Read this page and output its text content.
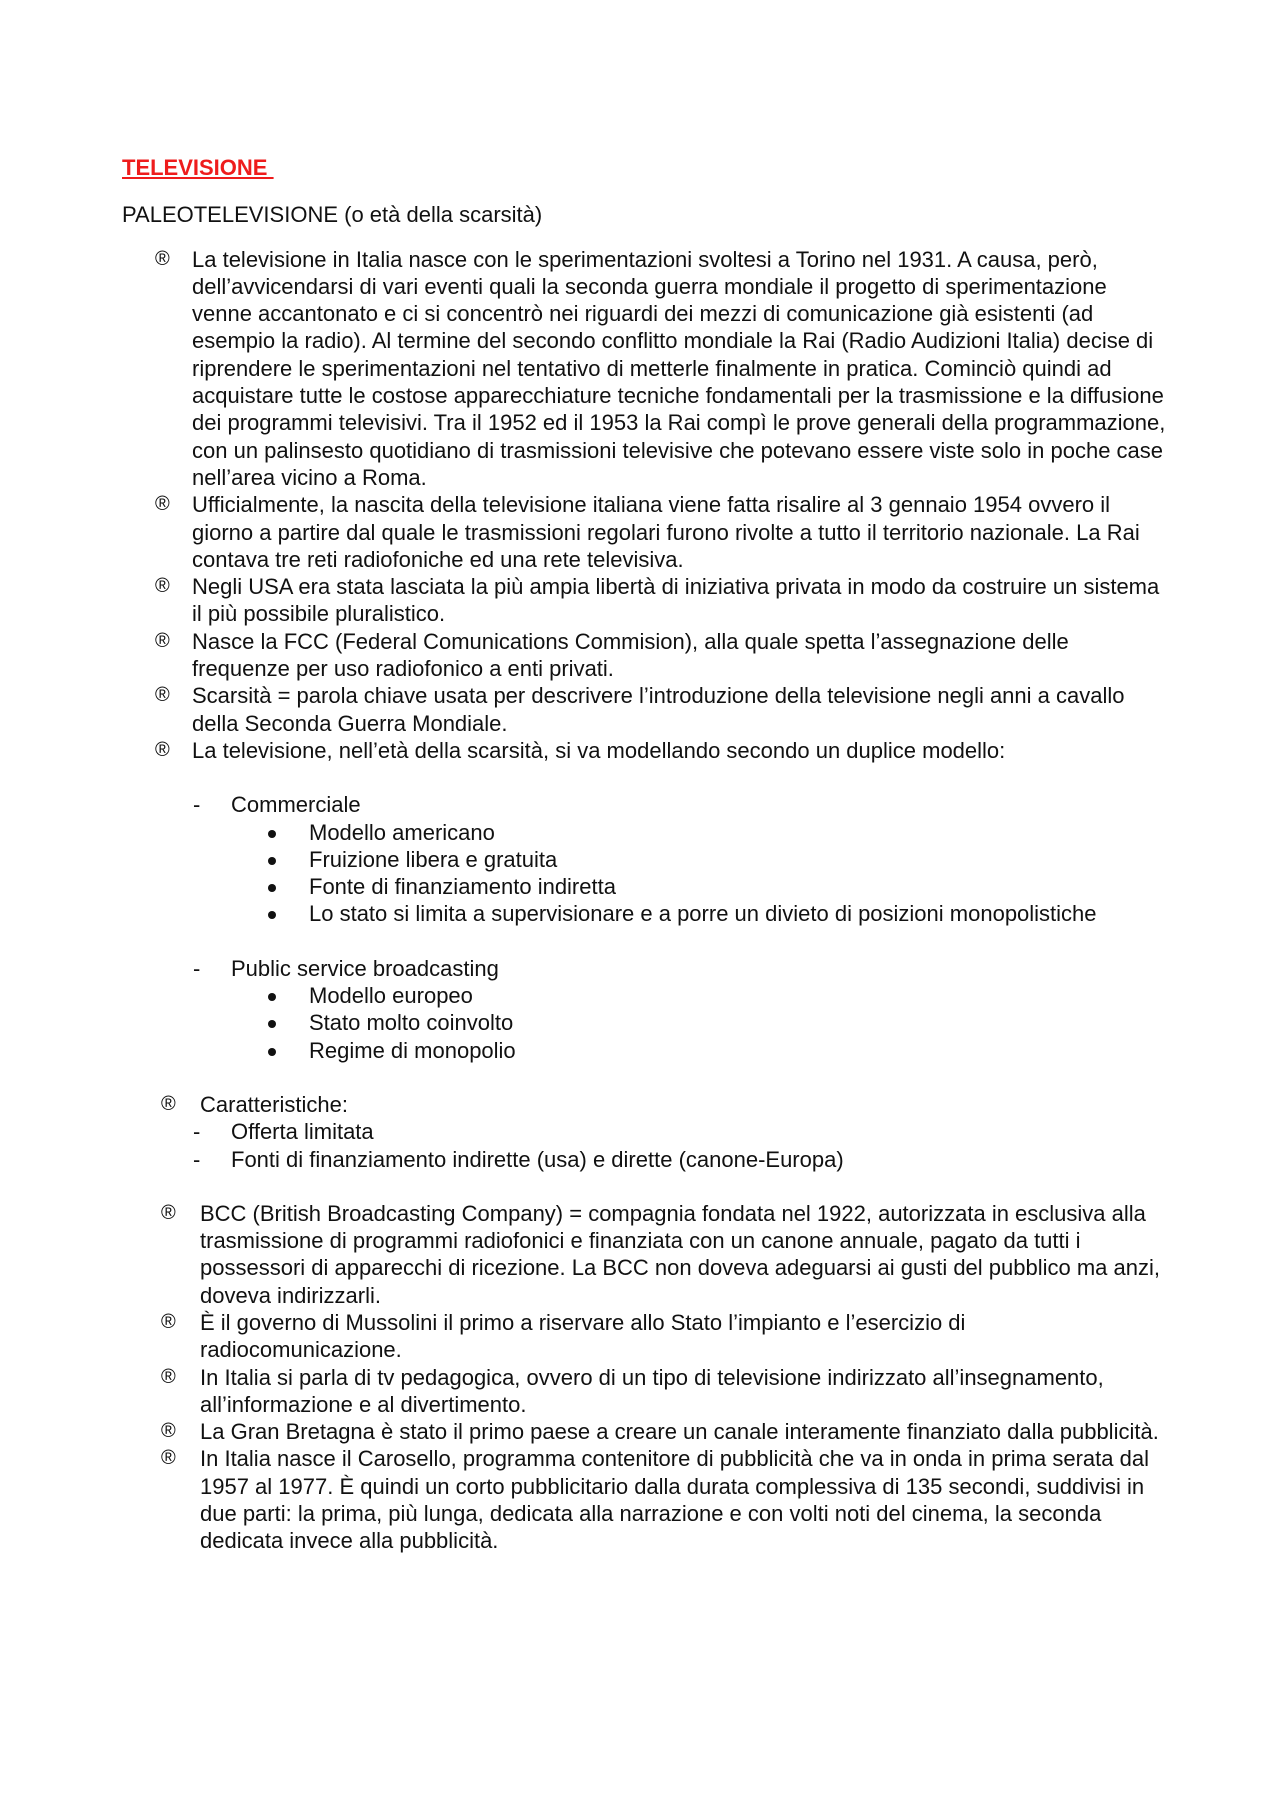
TELEVISIONE
PALEOTELEVISIONE (o età della scarsità)
® La televisione in Italia nasce con le sperimentazioni svoltesi a Torino nel 1931. A causa, però, dell’avvicendarsi di vari eventi quali la seconda guerra mondiale il progetto di sperimentazione venne accantonato e ci si concentrò nei riguardi dei mezzi di comunicazione già esistenti (ad esempio la radio). Al termine del secondo conflitto mondiale la Rai (Radio Audizioni Italia) decise di riprendere le sperimentazioni nel tentativo di metterle finalmente in pratica. Cominciò quindi ad acquistare tutte le costose apparecchiature tecniche fondamentali per la trasmissione e la diffusione dei programmi televisivi. Tra il 1952 ed il 1953 la Rai compì le prove generali della programmazione, con un palinsesto quotidiano di trasmissioni televisive che potevano essere viste solo in poche case nell’area vicino a Roma.
® Ufficialmente, la nascita della televisione italiana viene fatta risalire al 3 gennaio 1954 ovvero il giorno a partire dal quale le trasmissioni regolari furono rivolte a tutto il territorio nazionale. La Rai contava tre reti radiofoniche ed una rete televisiva.
® Negli USA era stata lasciata la più ampia libertà di iniziativa privata in modo da costruire un sistema il più possibile pluralistico.
® Nasce la FCC (Federal Comunications Commision), alla quale spetta l’assegnazione delle frequenze per uso radiofonico a enti privati.
® Scarsità = parola chiave usata per descrivere l’introduzione della televisione negli anni a cavallo della Seconda Guerra Mondiale.
® La televisione, nell’età della scarsità, si va modellando secondo un duplice modello:
- Commerciale
Modello americano
Fruizione libera e gratuita
Fonte di finanziamento indiretta
Lo stato si limita a supervisionare e a porre un divieto di posizioni monopolistiche
- Public service broadcasting
Modello europeo
Stato molto coinvolto
Regime di monopolio
® Caratteristiche:
- Offerta limitata
- Fonti di finanziamento indirette (usa) e dirette (canone-Europa)
® BCC (British Broadcasting Company) = compagnia fondata nel 1922, autorizzata in esclusiva alla trasmissione di programmi radiofonici e finanziata con un canone annuale, pagato da tutti i possessori di apparecchi di ricezione. La BCC non doveva adeguarsi ai gusti del pubblico ma anzi, doveva indirizzarli.
® È il governo di Mussolini il primo a riservare allo Stato l’impianto e l’esercizio di radiocomunicazione.
® In Italia si parla di tv pedagogica, ovvero di un tipo di televisione indirizzato all’insegnamento, all’informazione e al divertimento.
® La Gran Bretagna è stato il primo paese a creare un canale interamente finanziato dalla pubblicità.
® In Italia nasce il Carosello, programma contenitore di pubblicità che va in onda in prima serata dal 1957 al 1977. È quindi un corto pubblicitario dalla durata complessiva di 135 secondi, suddivisi in due parti: la prima, più lunga, dedicata alla narrazione e con volti noti del cinema, la seconda dedicata invece alla pubblicità.
